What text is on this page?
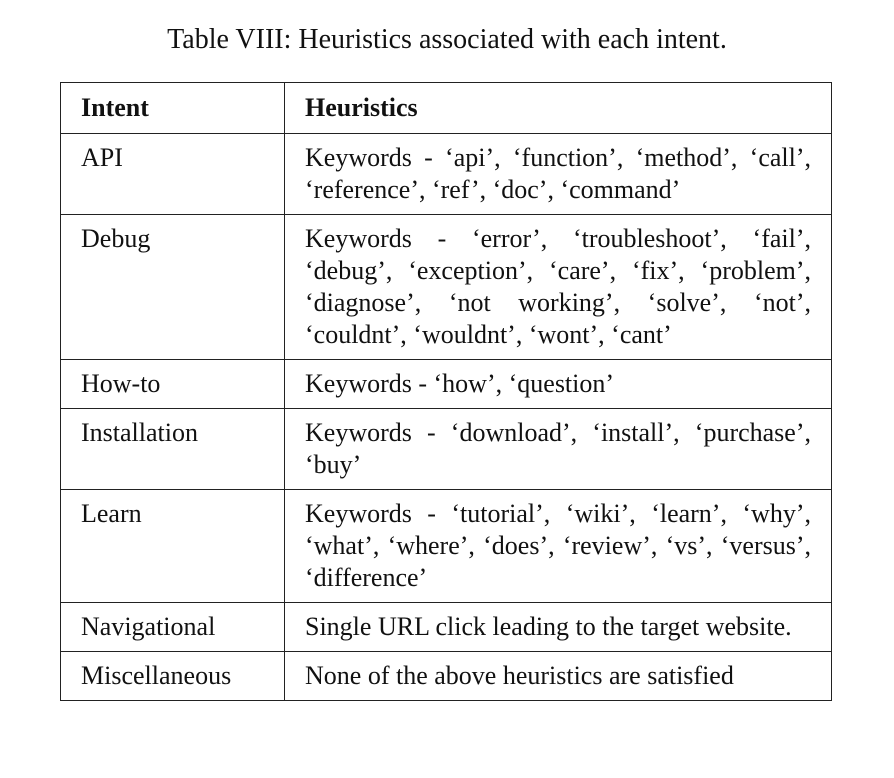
Table VIII: Heuristics associated with each intent.
Intent	Heuristics
API	Keywords - ‘api’, ‘function’, ‘method’, ‘call’, ‘reference’, ‘ref’, ‘doc’, ‘command’
Debug	Keywords - ‘error’, ‘troubleshoot’, ‘fail’, ‘debug’, ‘exception’, ‘care’, ‘fix’, ‘problem’, ‘diagnose’, ‘not working’, ‘solve’, ‘not’, ‘couldnt’, ‘wouldnt’, ‘wont’, ‘cant’
How-to	Keywords - ‘how’, ‘question’
Installation	Keywords - ‘download’, ‘install’, ‘purchase’, ‘buy’
Learn	Keywords - ‘tutorial’, ‘wiki’, ‘learn’, ‘why’, ‘what’, ‘where’, ‘does’, ‘review’, ‘vs’, ‘versus’, ‘difference’
Navigational	Single URL click leading to the target website.
Miscellaneous	None of the above heuristics are satisfied
